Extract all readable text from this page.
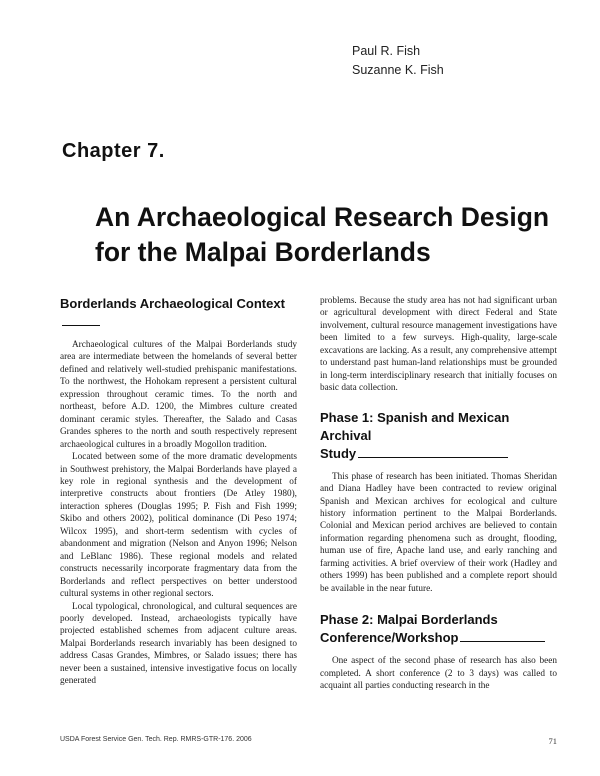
Paul R. Fish
Suzanne K. Fish
Chapter 7.
An Archaeological Research Design
for the Malpai Borderlands
Borderlands Archaeological Context

Archaeological cultures of the Malpai Borderlands study area are intermediate between the homelands of several better defined and relatively well-studied prehispanic manifestations. To the northwest, the Hohokam represent a persistent cultural expression throughout ceramic times. To the north and northeast, before A.D. 1200, the Mimbres culture created dominant ceramic styles. Thereafter, the Salado and Casas Grandes spheres to the north and south respectively represent archaeological cultures in a broadly Mogollon tradition.

Located between some of the more dramatic developments in Southwest prehistory, the Malpai Borderlands have played a key role in regional synthesis and the development of interpretive constructs about frontiers (De Atley 1980), interaction spheres (Douglas 1995; P. Fish and Fish 1999; Skibo and others 2002), political dominance (Di Peso 1974; Wilcox 1995), and short-term sedentism with cycles of abandonment and migration (Nelson and Anyon 1996; Nelson and LeBlanc 1986). These regional models and related constructs necessarily incorporate fragmentary data from the Borderlands and reflect perspectives on better understood cultural systems in other regional sectors.

Local typological, chronological, and cultural sequences are poorly developed. Instead, archaeologists typically have projected established schemes from adjacent culture areas. Malpai Borderlands research invariably has been designed to address Casas Grandes, Mimbres, or Salado issues; there has never been a sustained, intensive investigative focus on locally generated

problems. Because the study area has not had significant urban or agricultural development with direct Federal and State involvement, cultural resource management investigations have been limited to a few surveys. High-quality, large-scale excavations are lacking. As a result, any comprehensive attempt to understand past human-land relationships must be grounded in long-term interdisciplinary research that initially focuses on basic data collection.

Phase 1: Spanish and Mexican Archival
Study

This phase of research has been initiated. Thomas Sheridan and Diana Hadley have been contracted to review original Spanish and Mexican archives for ecological and culture history information pertinent to the Malpai Borderlands. Colonial and Mexican period archives are believed to contain information regarding phenomena such as drought, flooding, human use of fire, Apache land use, and early ranching and farming activities. A brief overview of their work (Hadley and others 1999) has been published and a complete report should be available in the near future.

Phase 2: Malpai Borderlands
Conference/Workshop

One aspect of the second phase of research has also been completed. A short conference (2 to 3 days) was called to acquaint all parties conducting research in the

USDA Forest Service Gen. Tech. Rep. RMRS-GTR-176. 2006	71
